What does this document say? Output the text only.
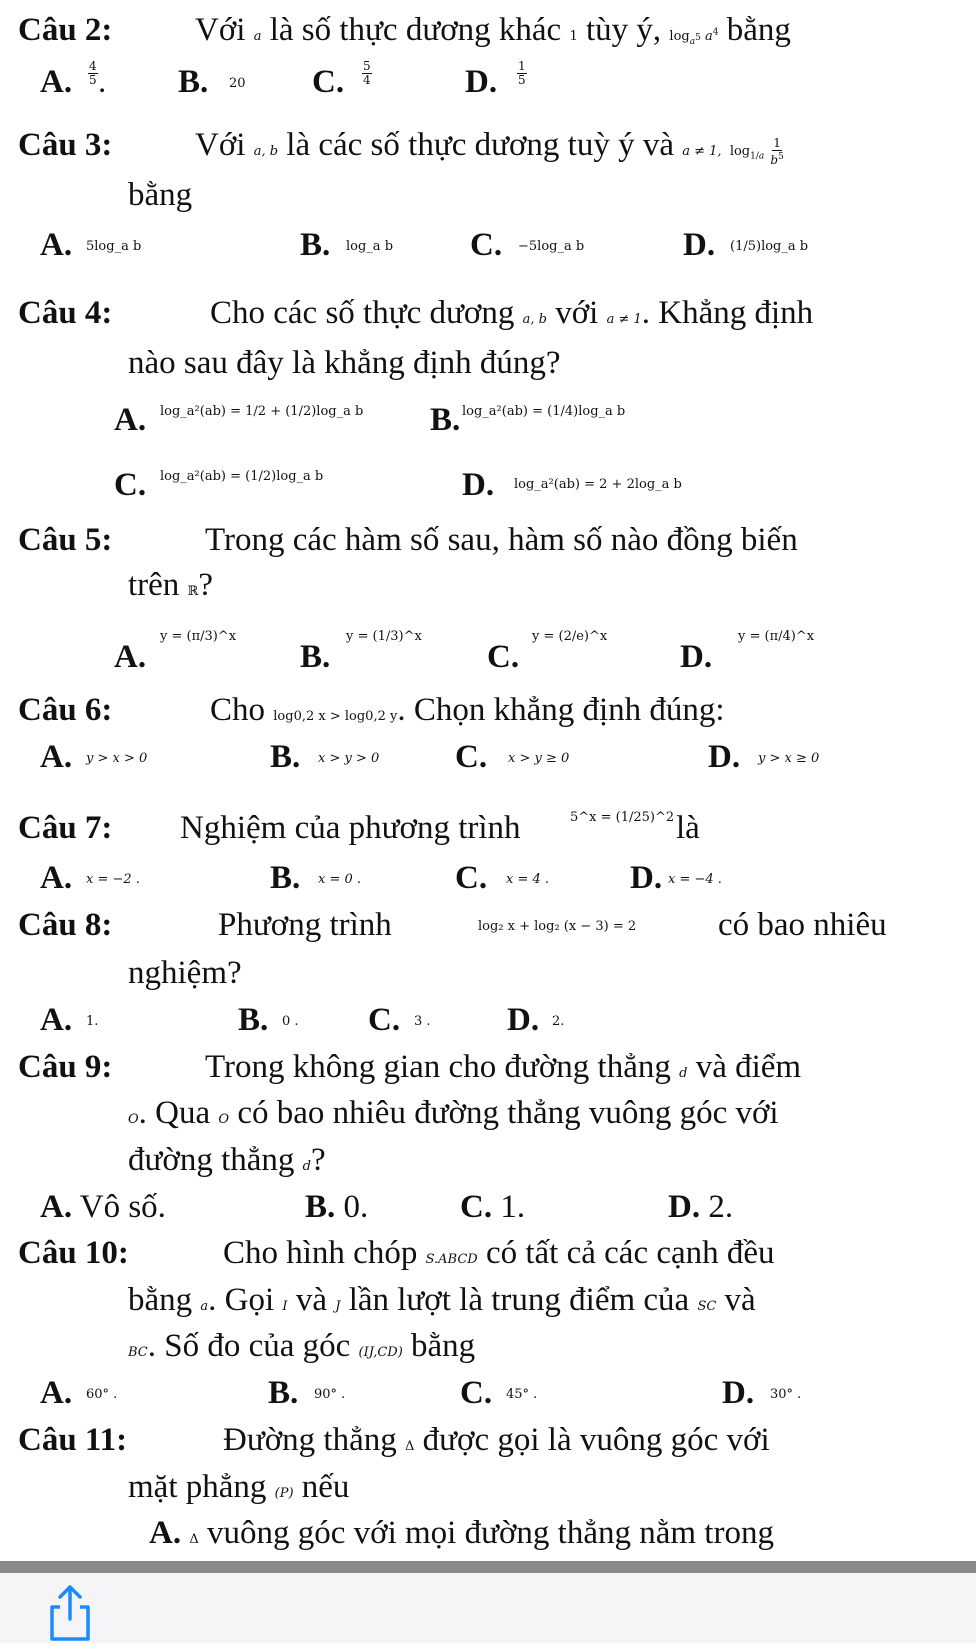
Câu 2:	Với a là số thực dương khác 1 tùy ý, $\log_{a^5} a^4$ bằng
A. $\frac{4}{5}$ . B. 20 C. $\frac{5}{4}$	D. $\frac{1}{5}$
Câu 3:	Với a, b là các số thực dương tuỳ ý và a ≠ 1, $\log_{1/a} \frac{1}{b^5}$
bằng
A. 5log_a b	B. log_a b C. −5log_a b	D. (1/5)log_a b
Câu 4:	Cho các số thực dương a, b với a ≠ 1. Khẳng định
nào sau đây là khẳng định đúng?
A. log_a²(ab) = 1/2 + (1/2)log_a b B. log_a²(ab) = (1/4)log_a b
C. log_a²(ab) = (1/2)log_a b	D. log_a²(ab) = 2 + 2log_a b
Câu 5:	Trong các hàm số sau, hàm số nào đồng biến
trên ℝ?
A.
y = (π/3)^x
B.
y = (1/3)^x
C.
y = (2/e)^x
D.
y = (π/4)^x
Câu 6:	Cho log0,2 x > log0,2 y. Chọn khẳng định đúng:
A. y > x > 0	B. x > y > 0 C. x > y ≥ 0	D. y > x ≥ 0
Câu 7: Nghiệm của phương trình	5^x = (1/25)^2 là
A. x = −2 .	B. x = 0 .	C. x = 4 . D. x = −4 .
Câu 8:	Phương trình	log₂ x + log₂ (x − 3) = 2 có bao nhiêu
nghiệm?
A. 1.	B. 0 . C. 3 . D. 2.
Câu 9:	Trong không gian cho đường thẳng d và điểm
O. Qua O có bao nhiêu đường thẳng vuông góc với
đường thẳng d?
A. Vô số.	B. 0.	C. 1.	D. 2.
Câu 10:	Cho hình chóp S.ABCD có tất cả các cạnh đều
bằng a. Gọi I và J lần lượt là trung điểm của SC và
BC. Số đo của góc (IJ,CD) bằng
A. 60° .	B. 90° .	C. 45° .	D. 30° .
Câu 11:	Đường thẳng Δ được gọi là vuông góc với
mặt phẳng (P) nếu
A. Δ vuông góc với mọi đường thẳng nằm trong
